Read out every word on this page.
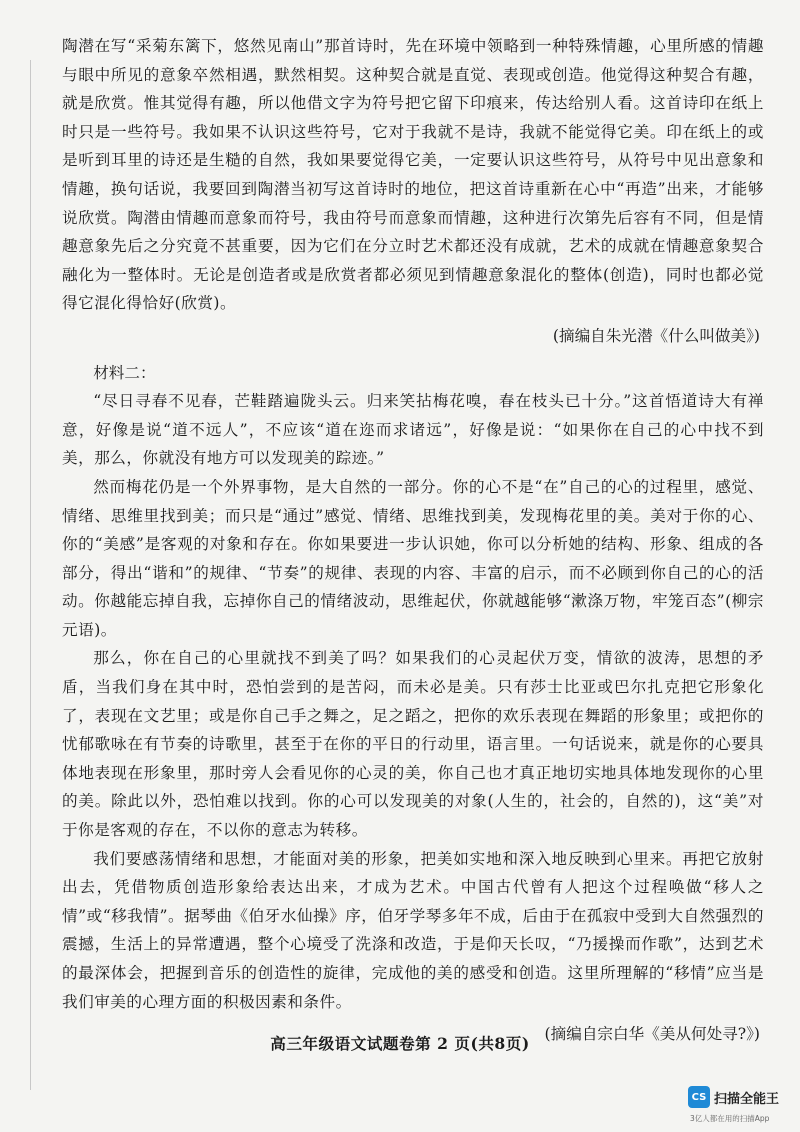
陶潜在写“采菊东篱下，悠然见南山”那首诗时，先在环境中领略到一种特殊情趣，心里所感的情趣与眼中所见的意象卒然相遇，默然相契。这种契合就是直觉、表现或创造。他觉得这种契合有趣，就是欣赏。惟其觉得有趣，所以他借文字为符号把它留下印痕来，传达给别人看。这首诗印在纸上时只是一些符号。我如果不认识这些符号，它对于我就不是诗，我就不能觉得它美。印在纸上的或是听到耳里的诗还是生糙的自然，我如果要觉得它美，一定要认识这些符号，从符号中见出意象和情趣，换句话说，我要回到陶潜当初写这首诗时的地位，把这首诗重新在心中“再造”出来，才能够说欣赏。陶潜由情趣而意象而符号，我由符号而意象而情趣，这种进行次第先后容有不同，但是情趣意象先后之分究竟不甚重要，因为它们在分立时艺术都还没有成就，艺术的成就在情趣意象契合融化为一整体时。无论是创造者或是欣赏者都必须见到情趣意象混化的整体(创造)，同时也都必觉得它混化得恰好(欣赏)。

(摘编自朱光潜《什么叫做美》)

材料二：

“尽日寻春不见春，芒鞋踏遍陇头云。归来笑拈梅花嗅，春在枝头已十分。”这首悟道诗大有禅意，好像是说“道不远人”，不应该“道在迩而求诸远”，好像是说：“如果你在自己的心中找不到美，那么，你就没有地方可以发现美的踪迹。”

然而梅花仍是一个外界事物，是大自然的一部分。你的心不是“在”自己的心的过程里，感觉、情绪、思维里找到美；而只是“通过”感觉、情绪、思维找到美，发现梅花里的美。美对于你的心、你的“美感”是客观的对象和存在。你如果要进一步认识她，你可以分析她的结构、形象、组成的各部分，得出“谐和”的规律、“节奏”的规律、表现的内容、丰富的启示，而不必顾到你自己的心的活动。你越能忘掉自我，忘掉你自己的情绪波动，思维起伏，你就越能够“漱涤万物，牢笼百态”(柳宗元语)。

那么，你在自己的心里就找不到美了吗？如果我们的心灵起伏万变，情欲的波涛，思想的矛盾，当我们身在其中时，恐怕尝到的是苦闷，而未必是美。只有莎士比亚或巴尔扎克把它形象化了，表现在文艺里；或是你自己手之舞之，足之蹈之，把你的欢乐表现在舞蹈的形象里；或把你的忧郁歌咏在有节奏的诗歌里，甚至于在你的平日的行动里，语言里。一句话说来，就是你的心要具体地表现在形象里，那时旁人会看见你的心灵的美，你自己也才真正地切实地具体地发现你的心里的美。除此以外，恐怕难以找到。你的心可以发现美的对象(人生的，社会的，自然的)，这“美”对于你是客观的存在，不以你的意志为转移。

我们要感荡情绪和思想，才能面对美的形象，把美如实地和深入地反映到心里来。再把它放射出去，凭借物质创造形象给表达出来，才成为艺术。中国古代曾有人把这个过程唤做“移人之情”或“移我情”。据琴曲《伯牙水仙操》序，伯牙学琴多年不成，后由于在孤寂中受到大自然强烈的震撼，生活上的异常遭遇，整个心境受了洗涤和改造，于是仰天长叹，“乃援操而作歌”，达到艺术的最深体会，把握到音乐的创造性的旋律，完成他的美的感受和创造。这里所理解的“移情”应当是我们审美的心理方面的积极因素和条件。

(摘编自宗白华《美从何处寻?》)

高三年级语文试题卷第 2 页(共8页)
CS 扫描全能王
3亿人都在用的扫描App
